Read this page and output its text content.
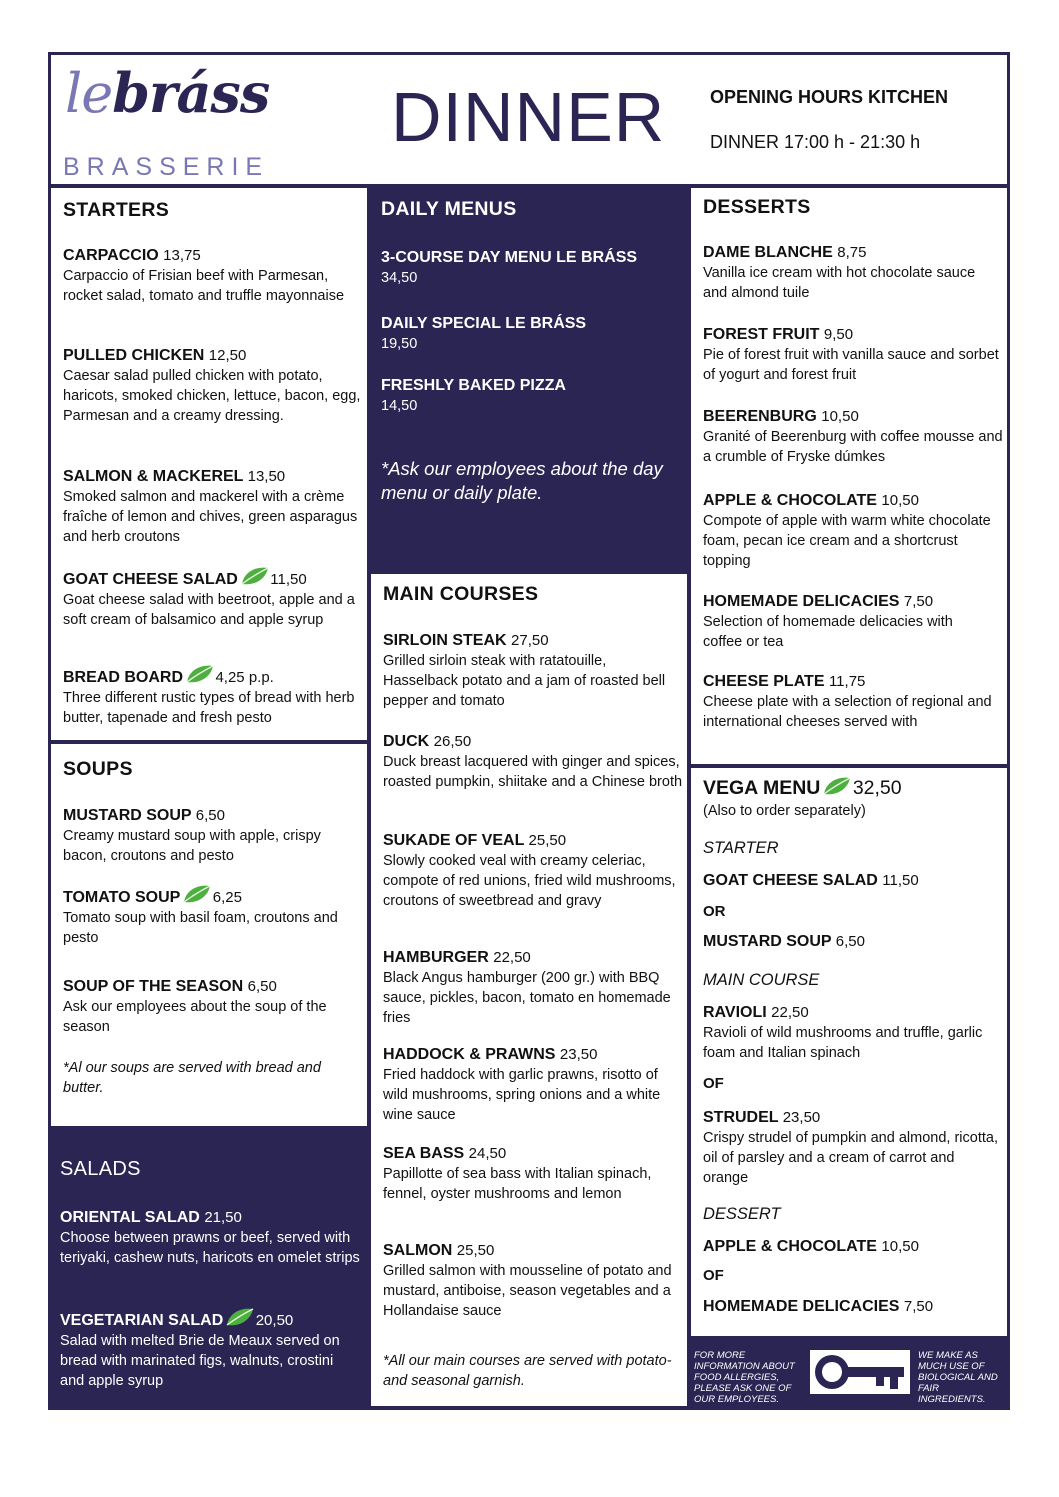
lebráss
BRASSERIE
DINNER OPENING HOURS KITCHEN
DINNER 17:00 h - 21:30 h
STARTERS
CARPACCIO 13,75
Carpaccio of Frisian beef with Parmesan, rocket salad, tomato and truffle mayonnaise
PULLED CHICKEN 12,50
Caesar salad pulled chicken with potato, haricots, smoked chicken, lettuce, bacon, egg, Parmesan and a creamy dressing.
SALMON & MACKEREL 13,50
Smoked salmon and mackerel with a crème fraîche of lemon and chives, green asparagus and herb croutons
GOAT CHEESE SALAD 11,50
Goat cheese salad with beetroot, apple and a soft cream of balsamico and apple syrup
BREAD BOARD 4,25 p.p.
Three different rustic types of bread with herb butter, tapenade and fresh pesto
SOUPS
MUSTARD SOUP 6,50
Creamy mustard soup with apple, crispy bacon, croutons and pesto
TOMATO SOUP 6,25
Tomato soup with basil foam, croutons and pesto
SOUP OF THE SEASON 6,50
Ask our employees about the soup of the season
*Al our soups are served with bread and butter.
SALADS
ORIENTAL SALAD 21,50
Choose between prawns or beef, served with teriyaki, cashew nuts, haricots en omelet strips
VEGETARIAN SALAD 20,50
Salad with melted Brie de Meaux served on bread with marinated figs, walnuts, crostini and apple syrup
DAILY MENUS
3-COURSE DAY MENU LE BRÁSS
34,50
DAILY SPECIAL LE BRÁSS
19,50
FRESHLY BAKED PIZZA
14,50
*Ask our employees about the day menu or daily plate.
MAIN COURSES
SIRLOIN STEAK 27,50
Grilled sirloin steak with ratatouille, Hasselback potato and a jam of roasted bell pepper and tomato
DUCK 26,50
Duck breast lacquered with ginger and spices, roasted pumpkin, shiitake and a Chinese broth
SUKADE OF VEAL 25,50
Slowly cooked veal with creamy celeriac, compote of red unions, fried wild mushrooms, croutons of sweetbread and gravy
HAMBURGER 22,50
Black Angus hamburger (200 gr.) with BBQ sauce, pickles, bacon, tomato en homemade fries
HADDOCK & PRAWNS 23,50
Fried haddock with garlic prawns, risotto of wild mushrooms, spring onions and a white wine sauce
SEA BASS 24,50
Papillotte of sea bass with Italian spinach, fennel, oyster mushrooms and lemon
SALMON 25,50
Grilled salmon with mousseline of potato and mustard, antiboise, season vegetables and a Hollandaise sauce
*All our main courses are served with potato- and seasonal garnish.
DESSERTS
DAME BLANCHE 8,75
Vanilla ice cream with hot chocolate sauce and almond tuile
FOREST FRUIT 9,50
Pie of forest fruit with vanilla sauce and sorbet of yogurt and forest fruit
BEERENBURG 10,50
Granité of Beerenburg with coffee mousse and a crumble of Fryske dúmkes
APPLE & CHOCOLATE 10,50
Compote of apple with warm white chocolate foam, pecan ice cream and a shortcrust topping
HOMEMADE DELICACIES 7,50
Selection of homemade delicacies with coffee or tea
CHEESE PLATE 11,75
Cheese plate with a selection of regional and international cheeses served with
VEGA MENU 32,50
(Also to order separately)
STARTER
GOAT CHEESE SALAD 11,50
OR
MUSTARD SOUP 6,50
MAIN COURSE
RAVIOLI 22,50
Ravioli of wild mushrooms and truffle, garlic foam and Italian spinach
OF
STRUDEL 23,50
Crispy strudel of pumpkin and almond, ricotta, oil of parsley and a cream of carrot and orange
DESSERT
APPLE & CHOCOLATE 10,50
OF
HOMEMADE DELICACIES 7,50
FOR MORE INFORMATION ABOUT FOOD ALLERGIES, PLEASE ASK ONE OF OUR EMPLOYEES.
WE MAKE AS MUCH USE OF BIOLOGICAL AND FAIR INGREDIENTS.
